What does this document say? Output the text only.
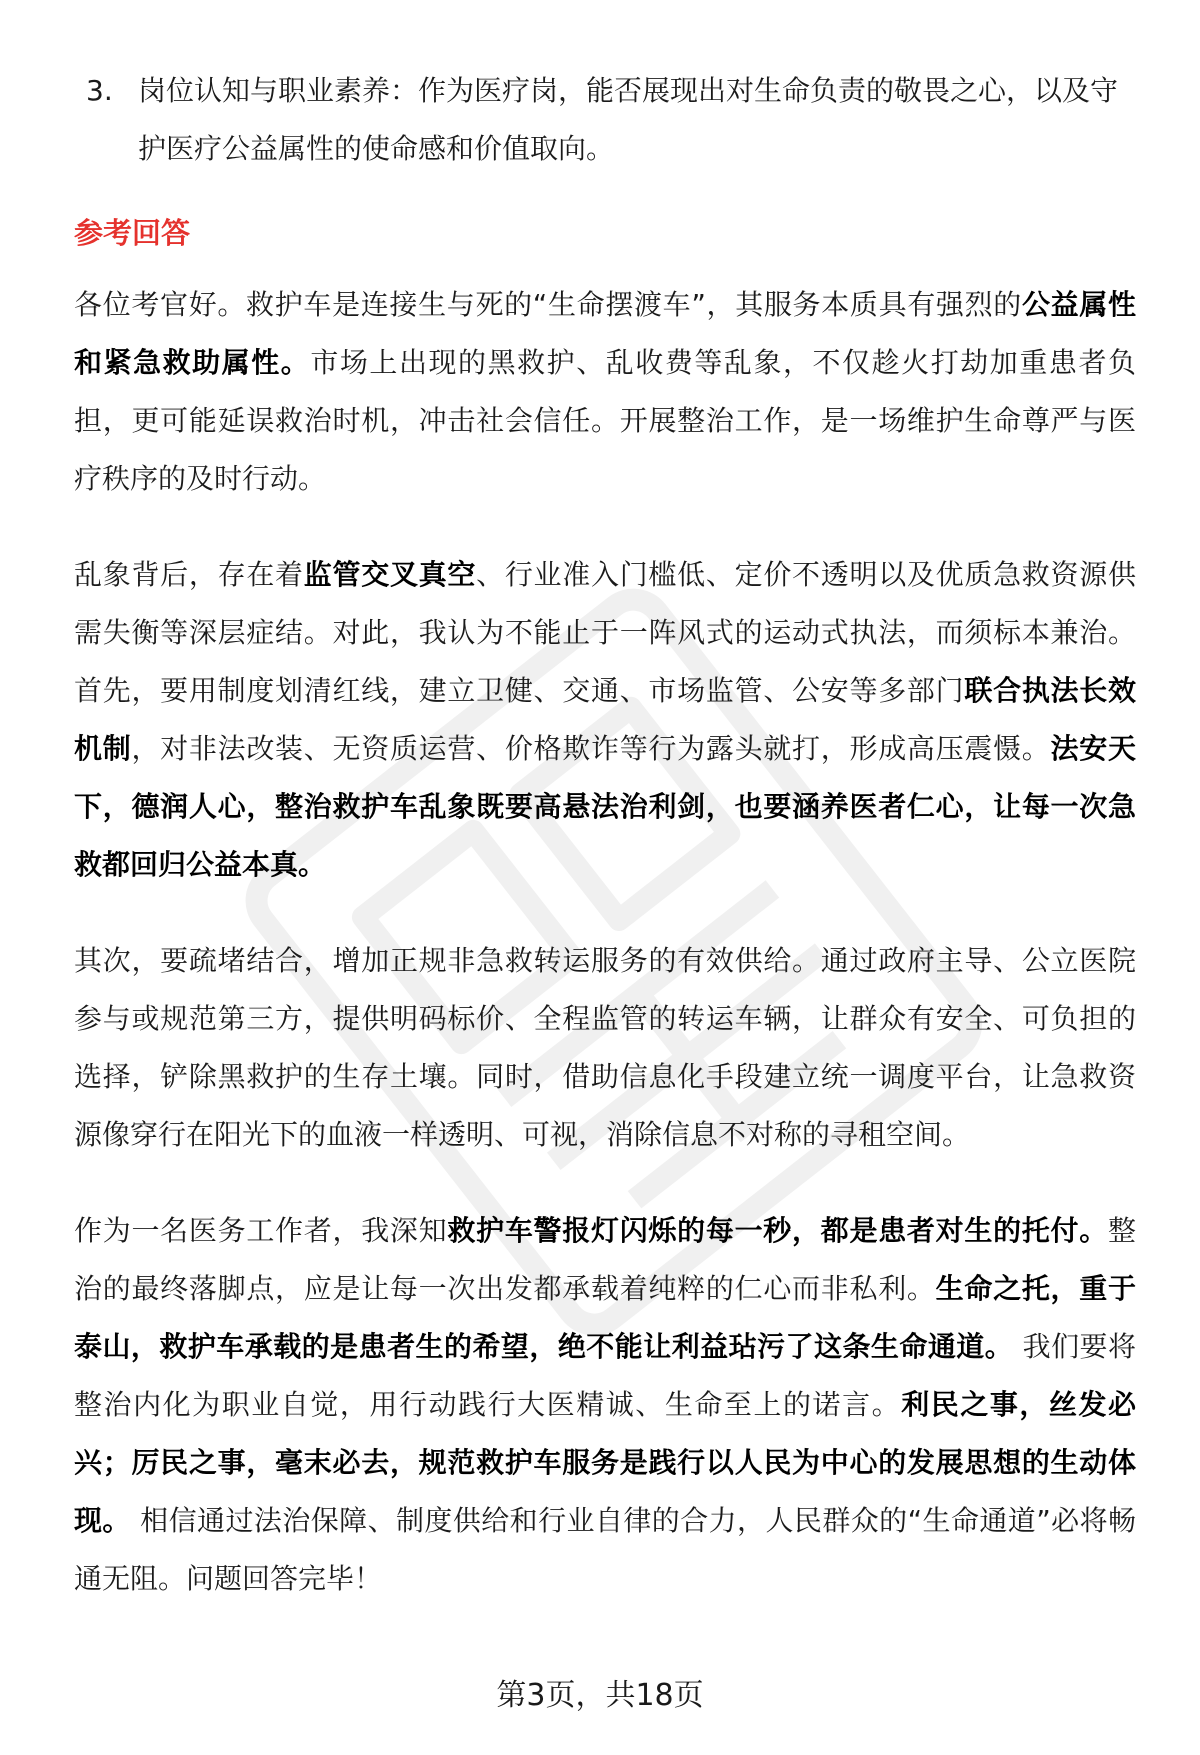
3. 岗位认知与职业素养：作为医疗岗，能否展现出对生命负责的敬畏之心，以及守护医疗公益属性的使命感和价值取向。
参考回答

各位考官好。救护车是连接生与死的“生命摆渡车”，其服务本质具有强烈的公益属性和紧急救助属性。市场上出现的黑救护、乱收费等乱象，不仅趁火打劫加重患者负担，更可能延误救治时机，冲击社会信任。开展整治工作，是一场维护生命尊严与医疗秩序的及时行动。

乱象背后，存在着监管交叉真空、行业准入门槛低、定价不透明以及优质急救资源供需失衡等深层症结。对此，我认为不能止于一阵风式的运动式执法，而须标本兼治。首先，要用制度划清红线，建立卫健、交通、市场监管、公安等多部门联合执法长效机制，对非法改装、无资质运营、价格欺诈等行为露头就打，形成高压震慑。法安天下，德润人心，整治救护车乱象既要高悬法治利剑，也要涵养医者仁心，让每一次急救都回归公益本真。

其次，要疏堵结合，增加正规非急救转运服务的有效供给。通过政府主导、公立医院参与或规范第三方，提供明码标价、全程监管的转运车辆，让群众有安全、可负担的选择，铲除黑救护的生存土壤。同时，借助信息化手段建立统一调度平台，让急救资源像穿行在阳光下的血液一样透明、可视，消除信息不对称的寻租空间。

作为一名医务工作者，我深知救护车警报灯闪烁的每一秒，都是患者对生的托付。整治的最终落脚点，应是让每一次出发都承载着纯粹的仁心而非私利。生命之托，重于泰山，救护车承载的是患者生的希望，绝不能让利益玷污了这条生命通道。 我们要将整治内化为职业自觉，用行动践行大医精诚、生命至上的诺言。利民之事，丝发必兴；厉民之事，毫末必去，规范救护车服务是践行以人民为中心的发展思想的生动体现。 相信通过法治保障、制度供给和行业自律的合力，人民群众的“生命通道”必将畅通无阻。问题回答完毕！

第3页，共18页
